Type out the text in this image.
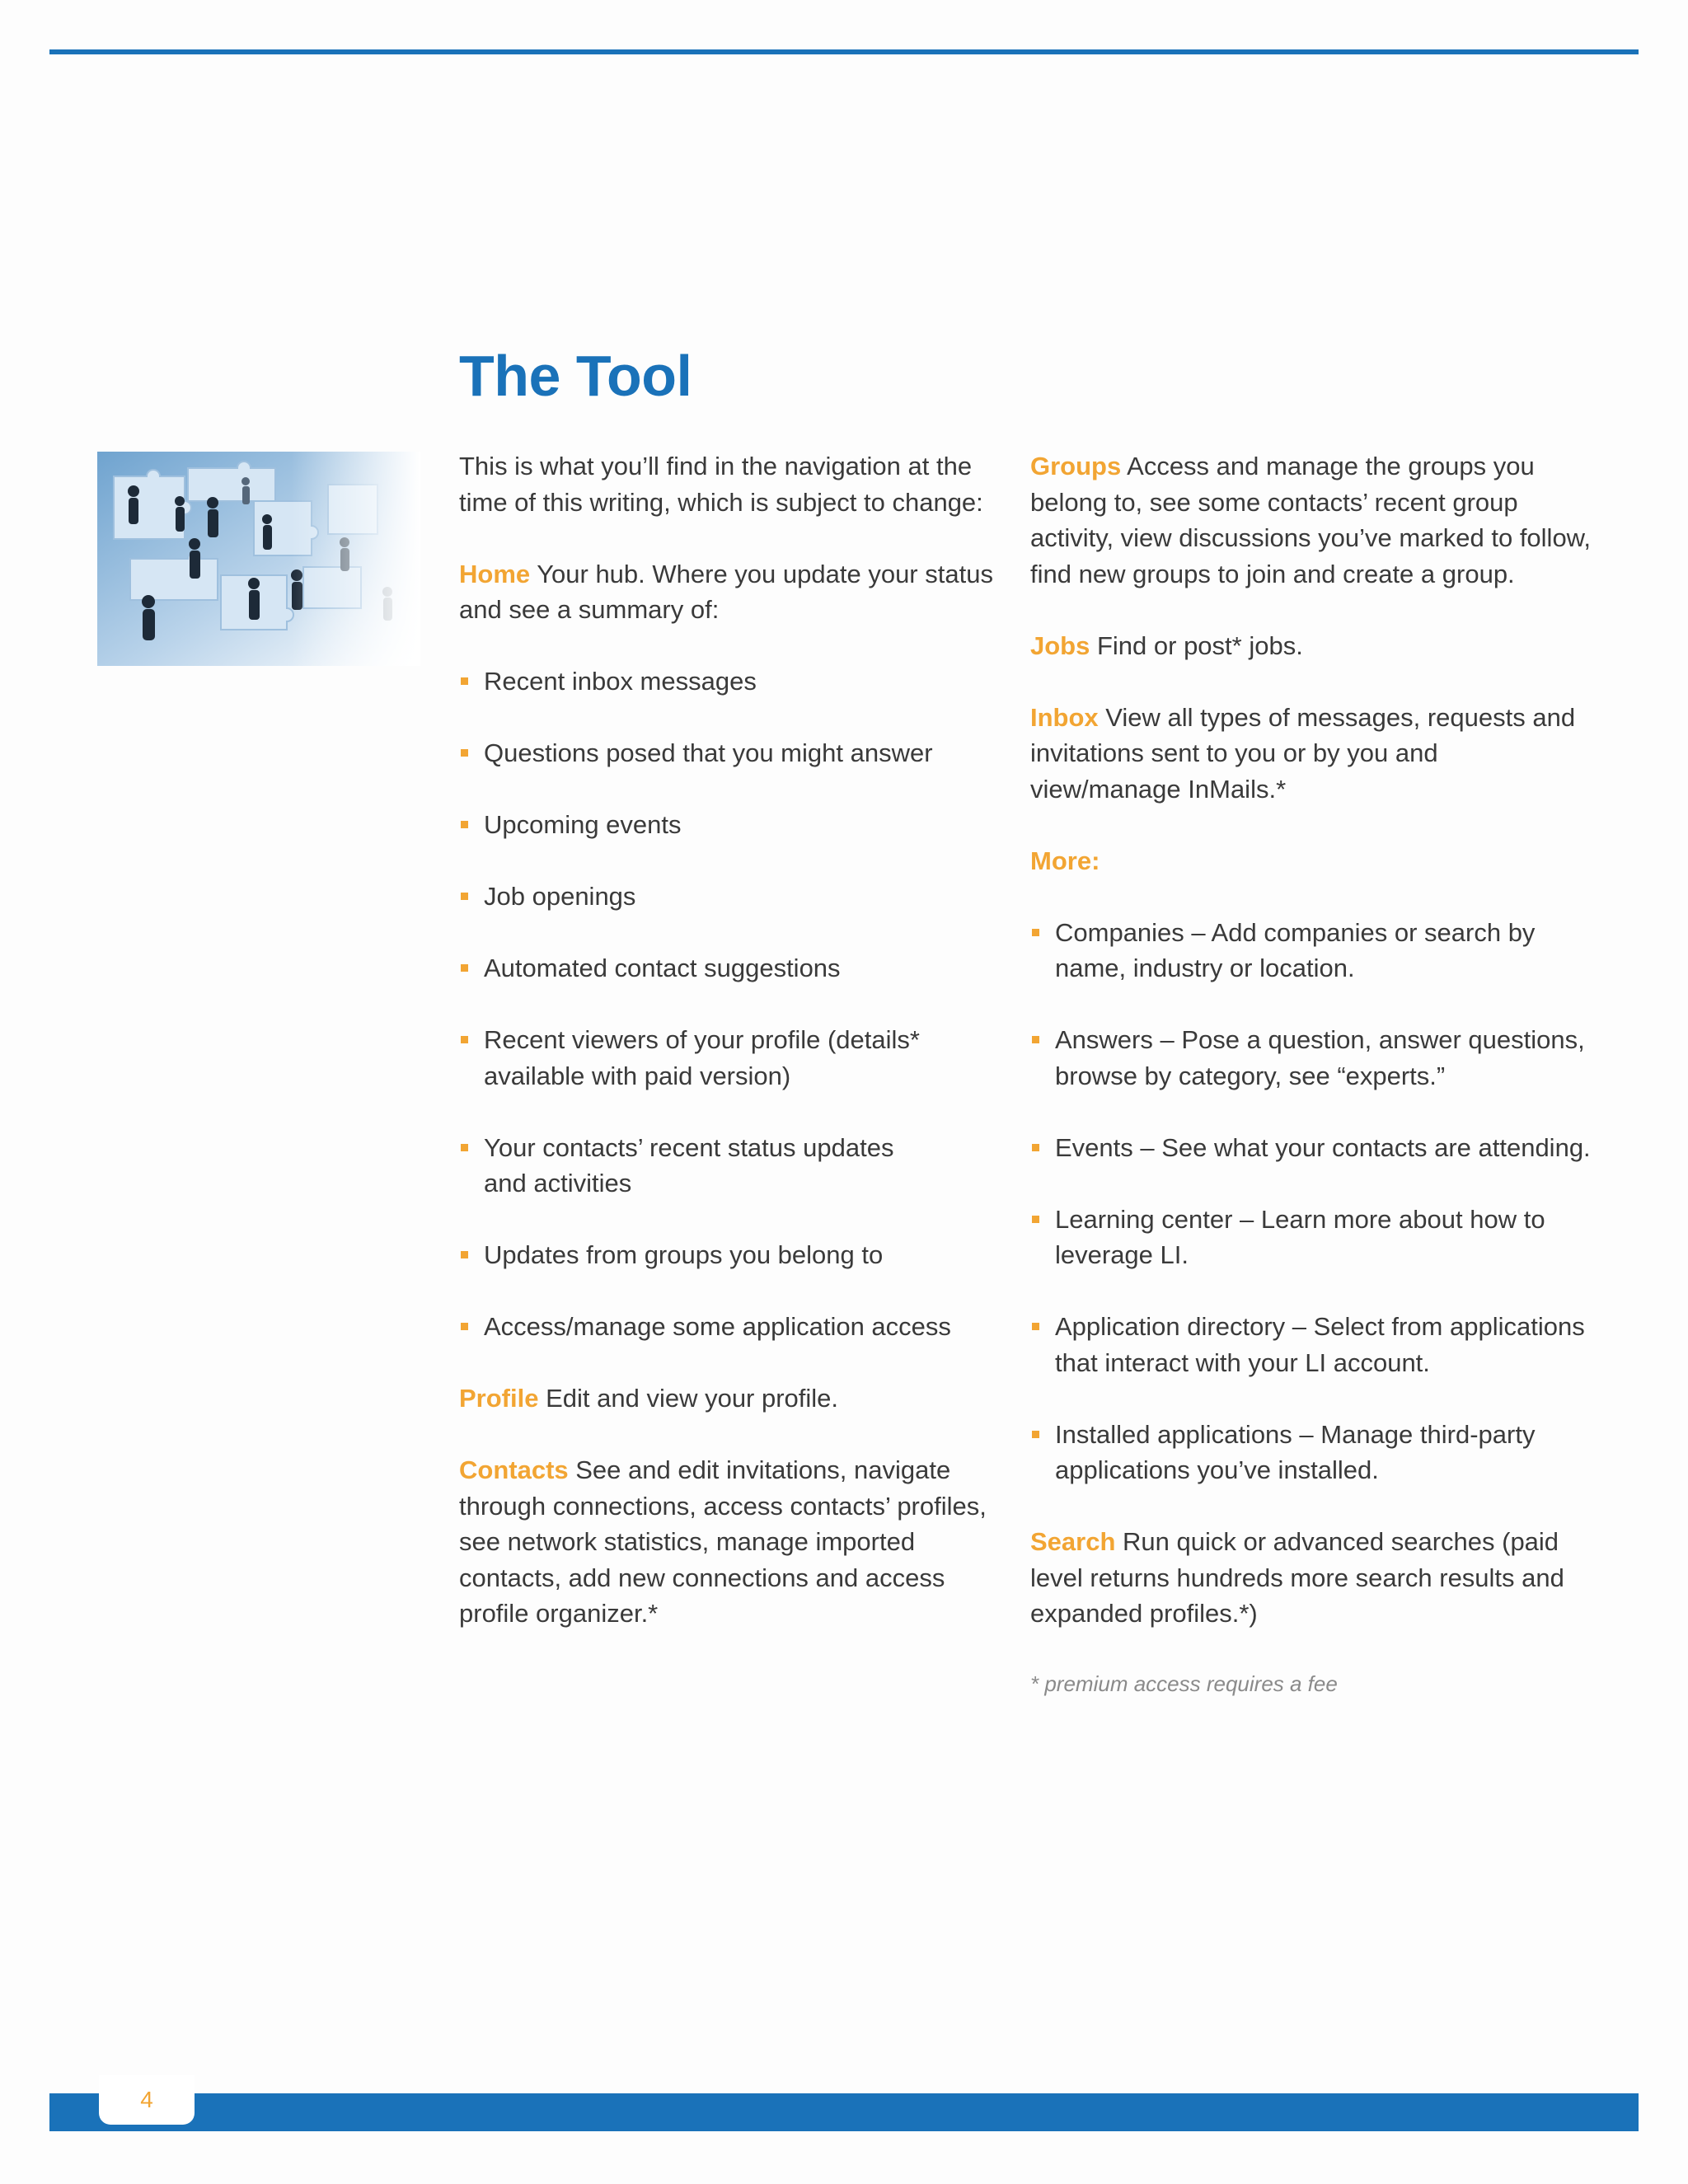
The Tool

This is what you’ll find in the navigation at the time of this writing, which is subject to change:

Home Your hub. Where you update your status and see a summary of:

Recent inbox messages
Questions posed that you might answer
Upcoming events
Job openings
Automated contact suggestions
Recent viewers of your profile (details* available with paid version)
Your contacts’ recent status updates and activities
Updates from groups you belong to
Access/manage some application access

Profile Edit and view your profile.

Contacts See and edit invitations, navigate through connections, access contacts’ profiles, see network statistics, manage imported contacts, add new connections and access profile organizer.*

Groups Access and manage the groups you belong to, see some contacts’ recent group activity, view discussions you’ve marked to follow, find new groups to join and create a group.

Jobs Find or post* jobs.

Inbox View all types of messages, requests and invitations sent to you or by you and view/manage InMails.*

More:

Companies – Add companies or search by name, industry or location.
Answers – Pose a question, answer questions, browse by category, see “experts.”
Events – See what your contacts are attending.
Learning center – Learn more about how to leverage LI.
Application directory – Select from applications that interact with your LI account.
Installed applications – Manage third-party applications you’ve installed.

Search Run quick or advanced searches (paid level returns hundreds more search results and expanded profiles.*)

* premium access requires a fee

4
